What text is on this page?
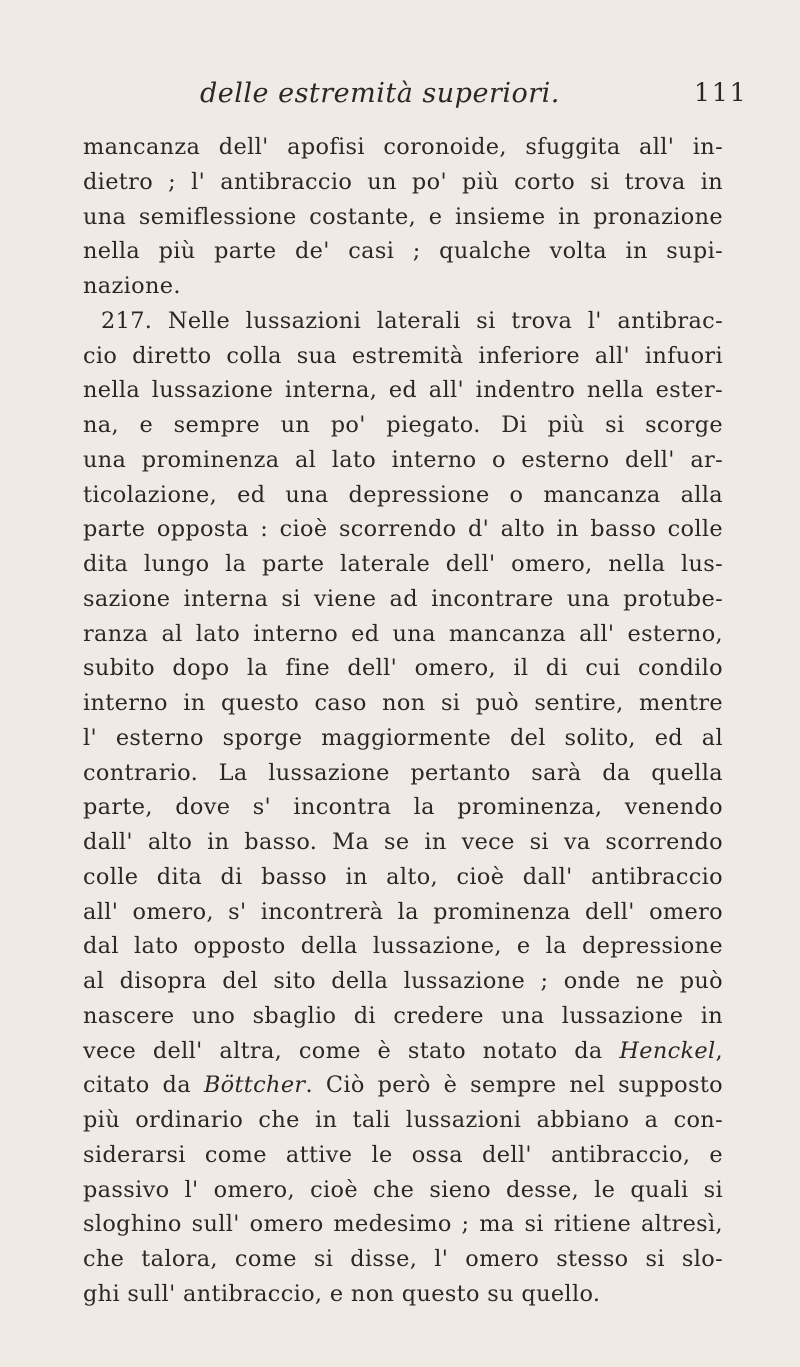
delle estremità superiori.	111
mancanza dell' apofisi coronoide, sfuggita all' in-
dietro ; l' antibraccio un po' più corto si trova in
una semiflessione costante, e insieme in pronazione
nella più parte de' casi ; qualche volta in supi-
nazione.
217. Nelle lussazioni laterali si trova l' antibrac-
cio diretto colla sua estremità inferiore all' infuori
nella lussazione interna, ed all' indentro nella ester-
na, e sempre un po' piegato. Di più si scorge
una prominenza al lato interno o esterno dell' ar-
ticolazione, ed una depressione o mancanza alla
parte opposta : cioè scorrendo d' alto in basso colle
dita lungo la parte laterale dell' omero, nella lus-
sazione interna si viene ad incontrare una protube-
ranza al lato interno ed una mancanza all' esterno,
subito dopo la fine dell' omero, il di cui condilo
interno in questo caso non si può sentire, mentre
l' esterno sporge maggiormente del solito, ed al
contrario. La lussazione pertanto sarà da quella
parte, dove s' incontra la prominenza, venendo
dall' alto in basso. Ma se in vece si va scorrendo
colle dita di basso in alto, cioè dall' antibraccio
all' omero, s' incontrerà la prominenza dell' omero
dal lato opposto della lussazione, e la depressione
al disopra del sito della lussazione ; onde ne può
nascere uno sbaglio di credere una lussazione in
vece dell' altra, come è stato notato da Henckel,
citato da Böttcher. Ciò però è sempre nel supposto
più ordinario che in tali lussazioni abbiano a con-
siderarsi come attive le ossa dell' antibraccio, e
passivo l' omero, cioè che sieno desse, le quali si
sloghino sull' omero medesimo ; ma si ritiene altresì,
che talora, come si disse, l' omero stesso si slo-
ghi sull' antibraccio, e non questo su quello.
